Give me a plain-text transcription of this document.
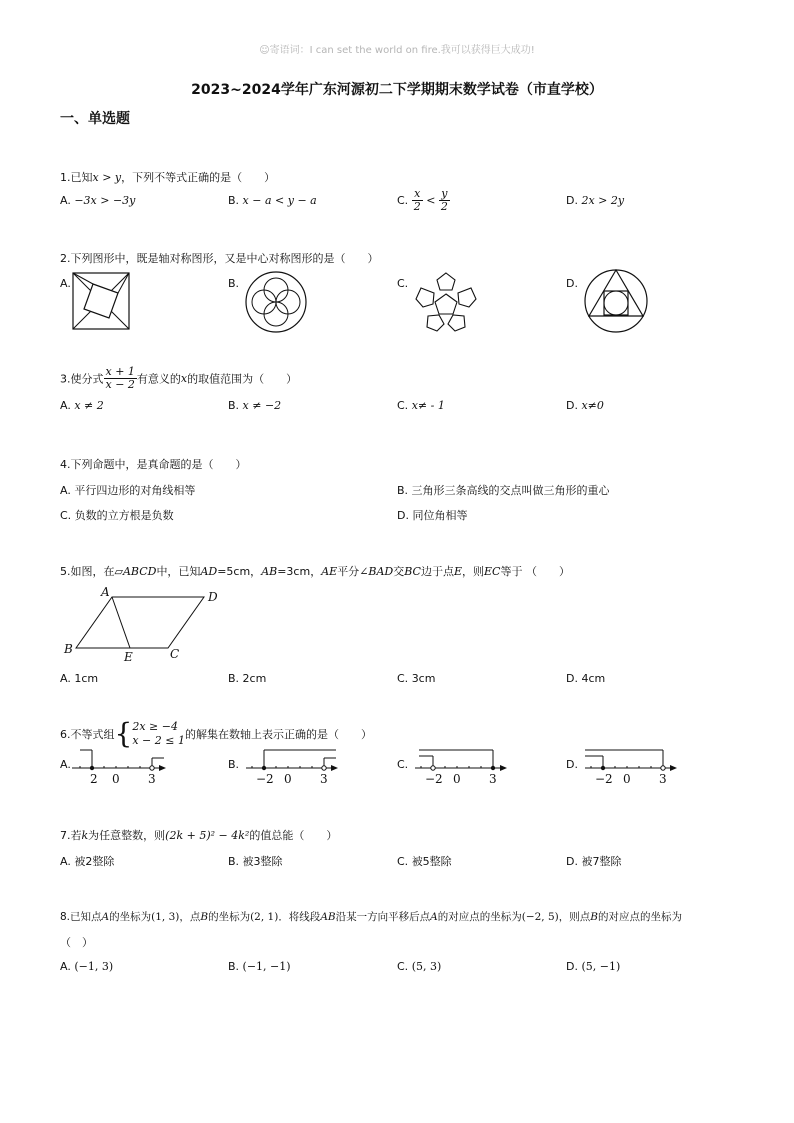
☺寄语词：I can set the world on fire.我可以获得巨大成功!
2023~2024学年广东河源初二下学期期末数学试卷（市直学校）
一、单选题
1.已知x > y，下列不等式正确的是（　　）
A. −3x > −3y	B. x − a < y − a	C. $\frac{x}{2} < \frac{y}{2}$	D. 2x > 2y
2.下列图形中，既是轴对称图形，又是中心对称图形的是（　　）
A.	B.	C.	D.
3.使分式 $\frac{x + 1}{x - 2}$ 有意义的x的取值范围为（　　）
A. x ≠ 2	B. x ≠ −2	C. x≠ - 1	D. x≠0
4.下列命题中，是真命题的是（　　）
A. 平行四边形的对角线相等	B. 三角形三条高线的交点叫做三角形的重心
C. 负数的立方根是负数	D. 同位角相等
5.如图，在▱ABCD中，已知AD=5cm，AB=3cm，AE平分∠BAD交BC边于点E，则EC等于 （　　）
A	D
B
E	C
A. 1cm	B. 2cm	C. 3cm	D. 4cm
6.不等式组{ 2x ≥ −4
x − 2 ≤ 1 的解集在数轴上表示正确的是（　　）
A.
2 0 3
B.
−2 0 3
C.
−2 0 3
D.
−2 0 3
7.若k为任意整数，则(2k + 5)² − 4k²的值总能（　　）
A. 被2整除	B. 被3整除	C. 被5整除	D. 被7整除
8.已知点A的坐标为(1, 3)，点B的坐标为(2, 1)．将线段AB沿某一方向平移后点A的对应点的坐标为(−2, 5)，则点B的对应点的坐标为
（　）
A. (−1, 3)	B. (−1, −1)	C. (5, 3)	D. (5, −1)
